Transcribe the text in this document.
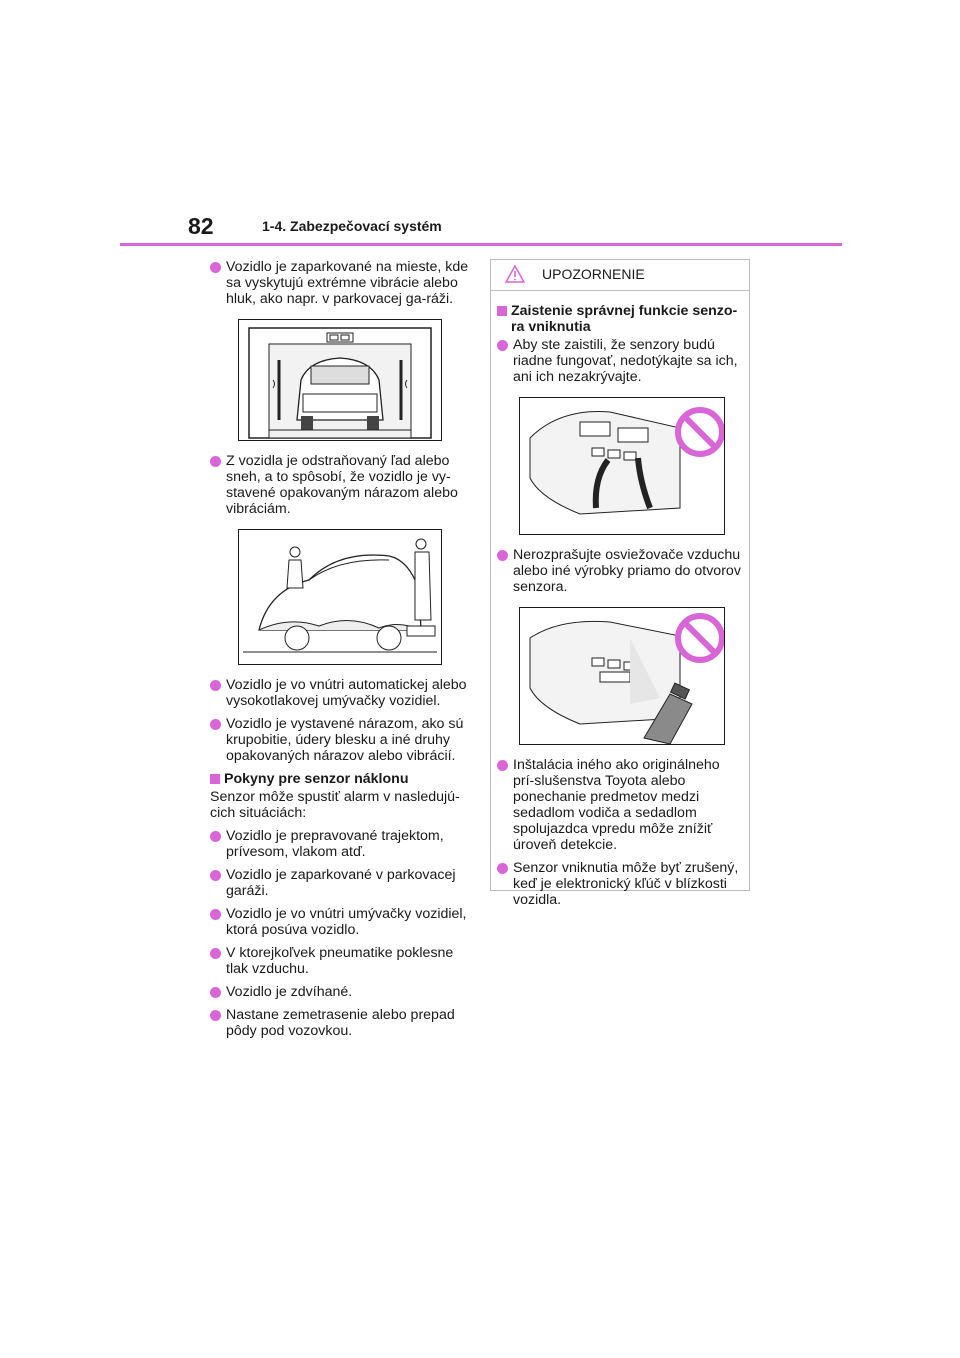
82	1-4. Zabezpečovací systém
Vozidlo je zaparkované na mieste, kde sa vyskytujú extrémne vibrácie alebo hluk, ako napr. v parkovacej ga-ráži.
Z vozidla je odstraňovaný ľad alebo sneh, a to spôsobí, že vozidlo je vy-stavené opakovaným nárazom alebo vibráciám.
Vozidlo je vo vnútri automatickej alebo vysokotlakovej umývačky vozidiel.
Vozidlo je vystavené nárazom, ako sú krupobitie, údery blesku a iné druhy opakovaných nárazov alebo vibrácií.
Pokyny pre senzor náklonu
Senzor môže spustiť alarm v nasledujú-cich situáciách:
Vozidlo je prepravované trajektom, prívesom, vlakom atď.
Vozidlo je zaparkované v parkovacej garáži.
Vozidlo je vo vnútri umývačky vozidiel, ktorá posúva vozidlo.
V ktorejkoľvek pneumatike poklesne tlak vzduchu.
Vozidlo je zdvíhané.
Nastane zemetrasenie alebo prepad pôdy pod vozovkou.
UPOZORNENIE
Zaistenie správnej funkcie senzo-ra vniknutia
Aby ste zaistili, že senzory budú riadne fungovať, nedotýkajte sa ich, ani ich nezakrývajte.
Nerozprašujte osviežovače vzduchu alebo iné výrobky priamo do otvorov senzora.
Inštalácia iného ako originálneho prí-slušenstva Toyota alebo ponechanie predmetov medzi sedadlom vodiča a sedadlom spolujazdca vpredu môže znížiť úroveň detekcie.
Senzor vniknutia môže byť zrušený, keď je elektronický kľúč v blízkosti vozidla.
